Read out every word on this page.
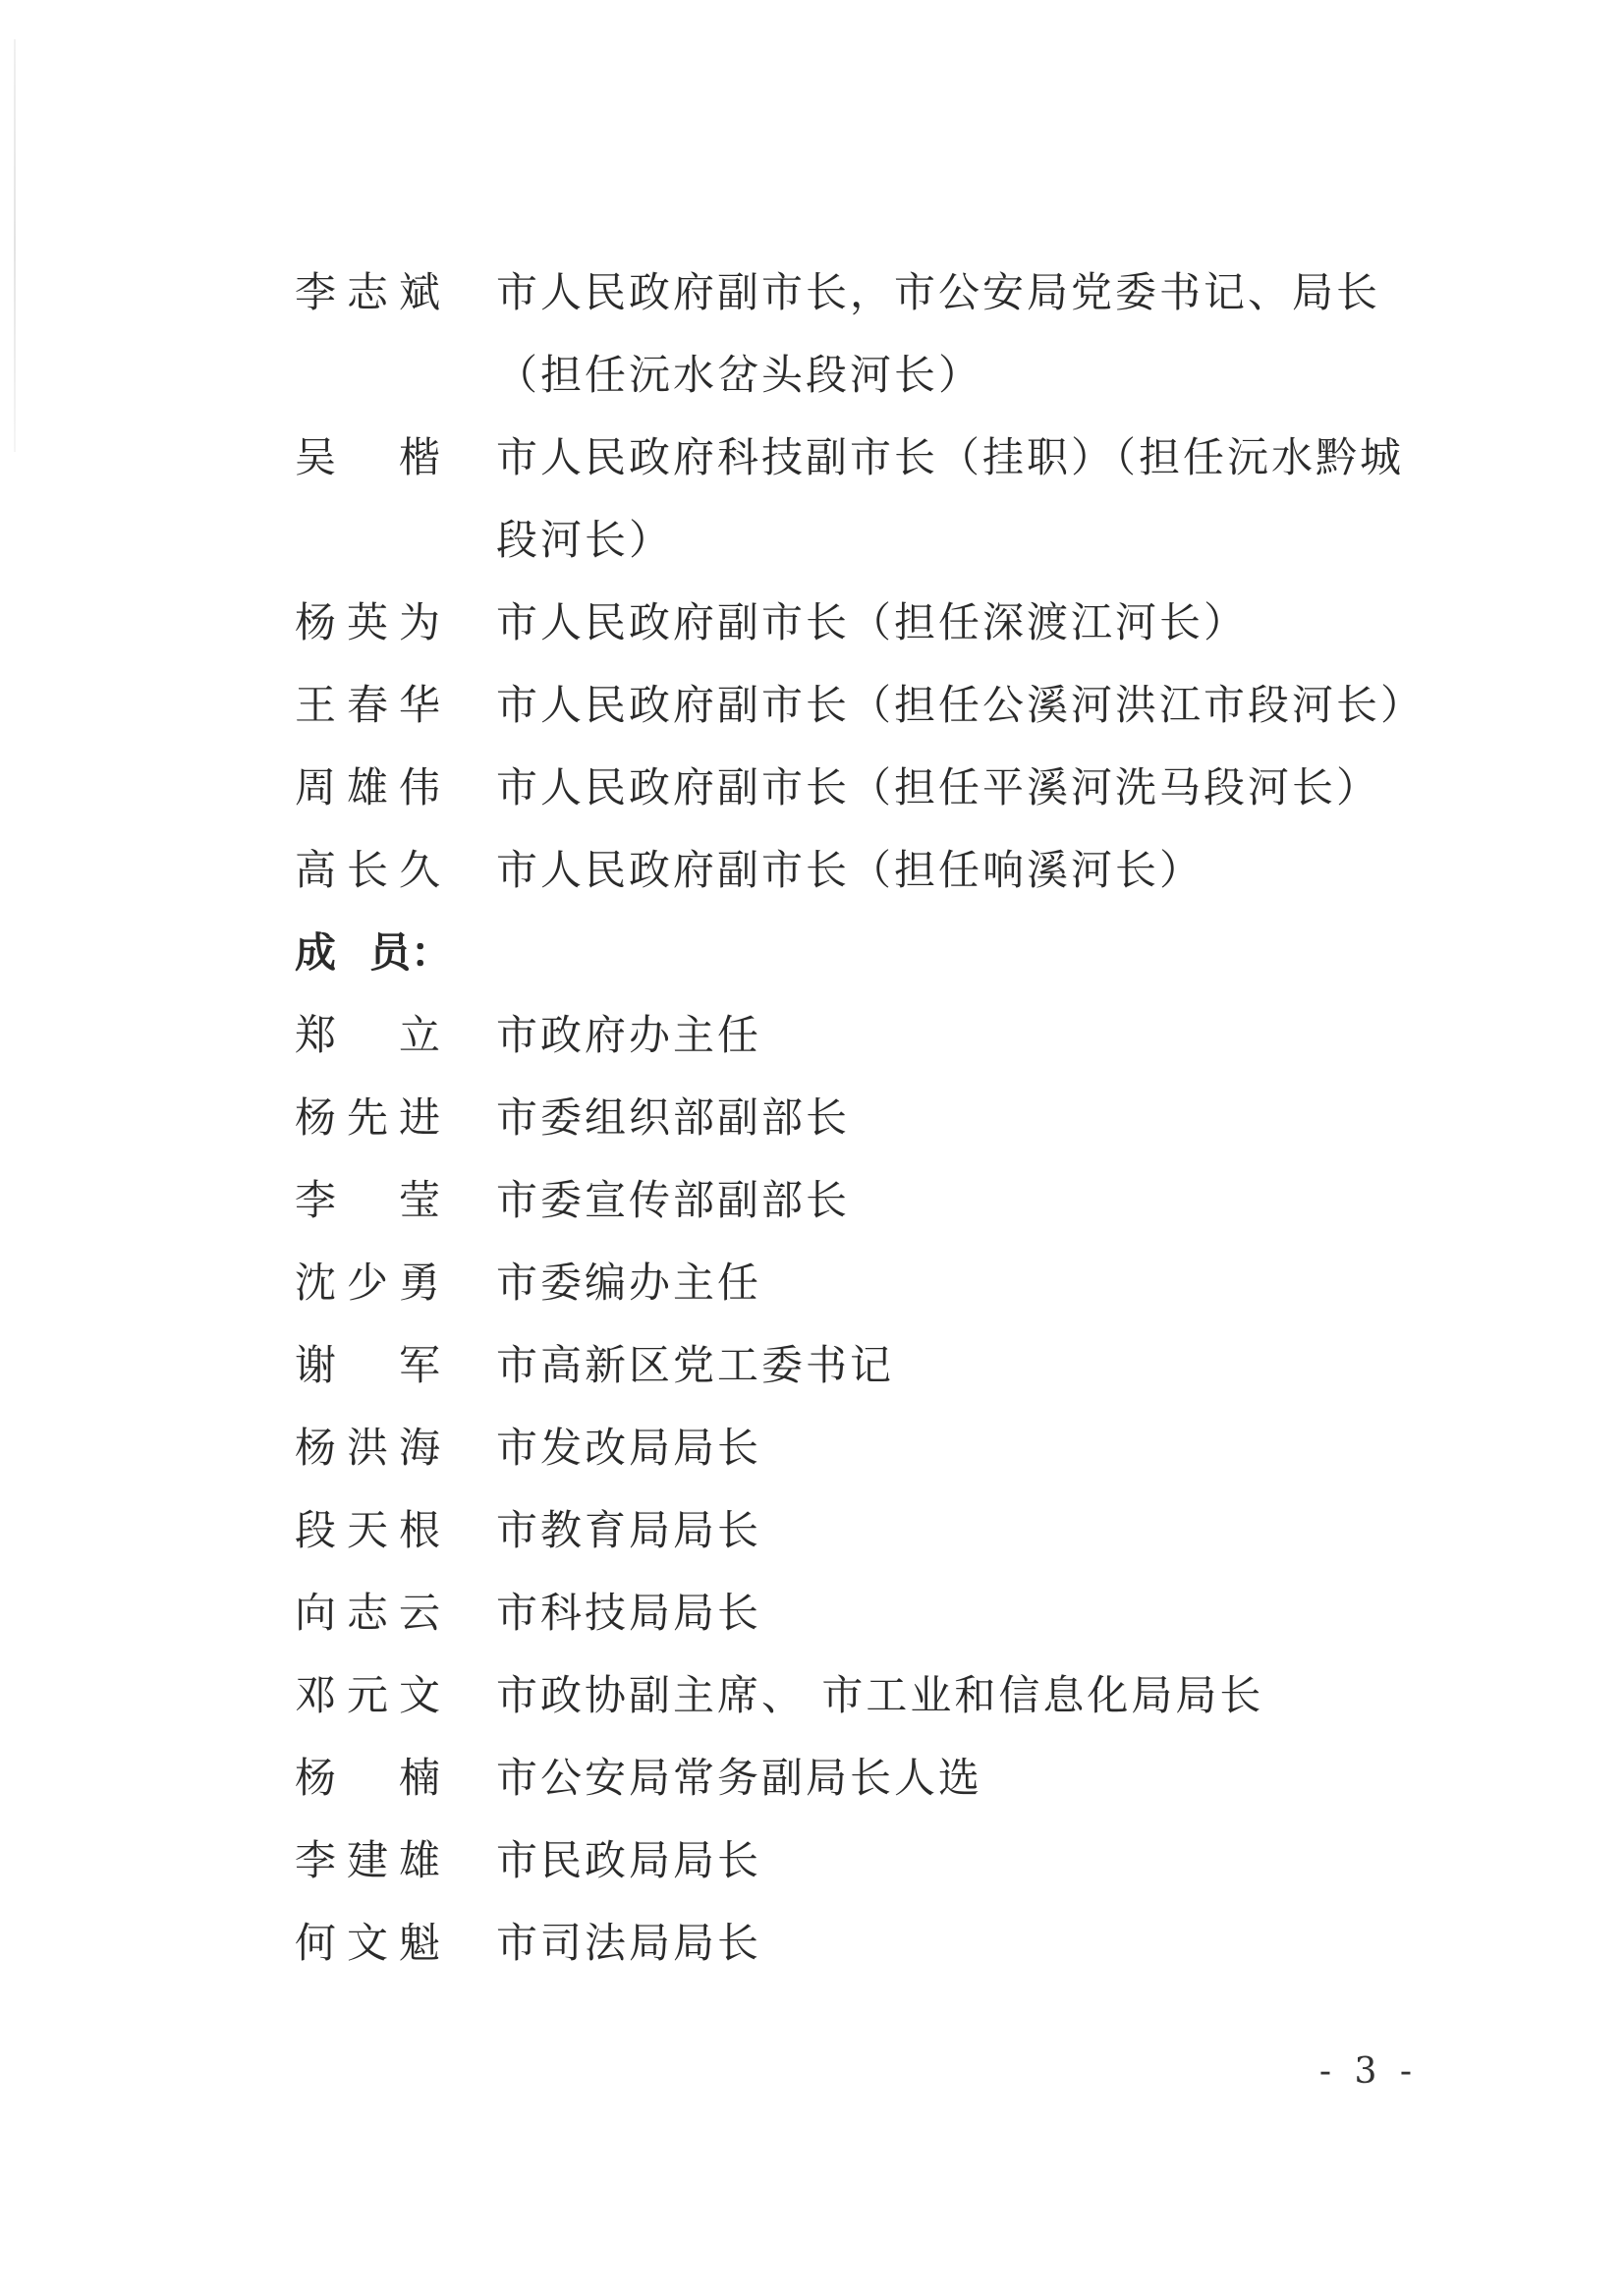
李 志 斌 市人民政府副市长，市公安局党委书记、局长（担任沅水岔头段河长）
吴 楷 市人民政府科技副市长（挂职）（担任沅水黔城段河长）
杨 英 为 市人民政府副市长（担任深渡江河长）
王 春 华 市人民政府副市长（担任公溪河洪江市段河长）
周 雄 伟 市人民政府副市长（担任平溪河洗马段河长）
高 长 久 市人民政府副市长（担任响溪河长）
成 员：
郑 立 市政府办主任
杨 先 进 市委组织部副部长
李 莹 市委宣传部副部长
沈 少 勇 市委编办主任
谢 军 市高新区党工委书记
杨 洪 海 市发改局局长
段 天 根 市教育局局长
向 志 云 市科技局局长
邓 元 文 市政协副主席、 市工业和信息化局局长
杨 楠 市公安局常务副局长人选
李 建 雄 市民政局局长
何 文 魁 市司法局局长
- 3 -
